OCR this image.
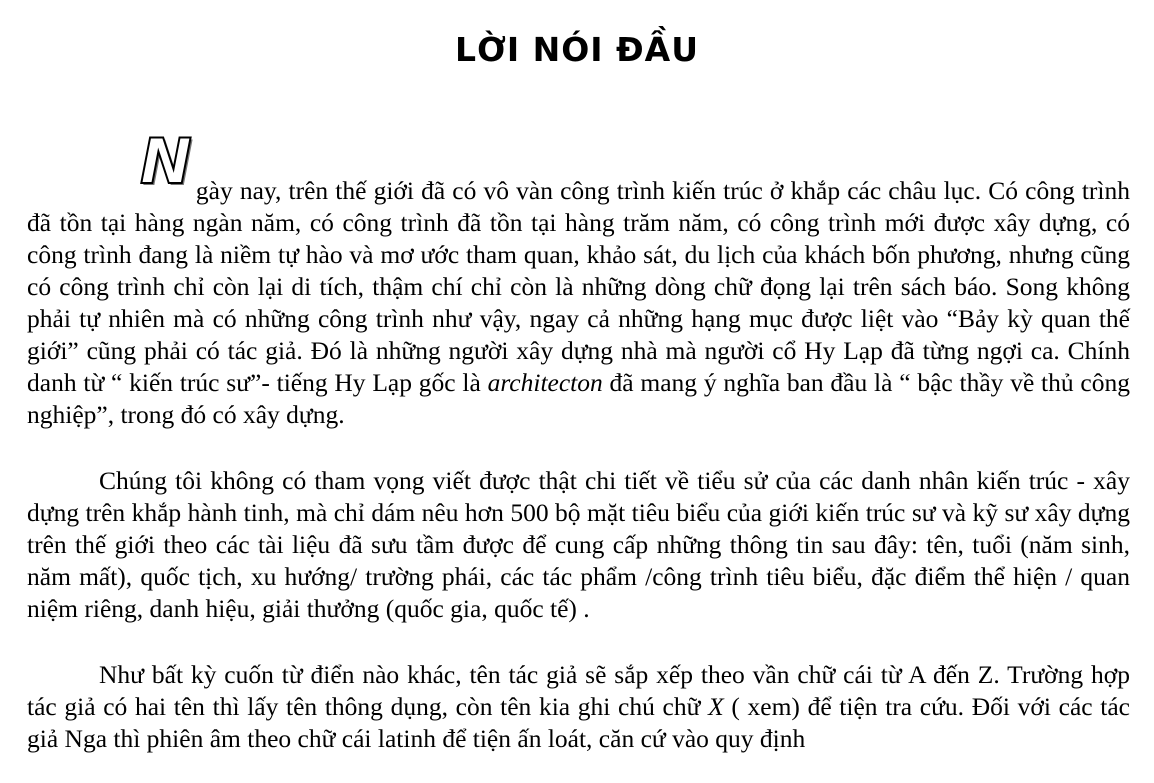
LỜI NÓI ĐẦU

Ngày nay, trên thế giới đã có vô vàn công trình kiến trúc ở khắp các châu lục. Có công trình đã tồn tại hàng ngàn năm, có công trình đã tồn tại hàng trăm năm, có công trình mới được xây dựng, có công trình đang là niềm tự hào và mơ ước tham quan, khảo sát, du lịch của khách bốn phương, nhưng cũng có công trình chỉ còn lại di tích, thậm chí chỉ còn là những dòng chữ đọng lại trên sách báo. Song không phải tự nhiên mà có những công trình như vậy, ngay cả những hạng mục được liệt vào “Bảy kỳ quan thế giới” cũng phải có tác giả. Đó là những người xây dựng nhà mà người cổ Hy Lạp đã từng ngợi ca. Chính danh từ “ kiến trúc sư”- tiếng Hy Lạp gốc là architecton đã mang ý nghĩa ban đầu là “ bậc thầy về thủ công nghiệp”, trong đó có xây dựng.

Chúng tôi không có tham vọng viết được thật chi tiết về tiểu sử của các danh nhân kiến trúc - xây dựng trên khắp hành tinh, mà chỉ dám nêu hơn 500 bộ mặt tiêu biểu của giới kiến trúc sư và kỹ sư xây dựng trên thế giới theo các tài liệu đã sưu tầm được để cung cấp những thông tin sau đây: tên, tuổi (năm sinh, năm mất), quốc tịch, xu hướng/ trường phái, các tác phẩm /công trình tiêu biểu, đặc điểm thể hiện / quan niệm riêng, danh hiệu, giải thưởng (quốc gia, quốc tế) .

Như bất kỳ cuốn từ điển nào khác, tên tác giả sẽ sắp xếp theo vần chữ cái từ A đến Z. Trường hợp tác giả có hai tên thì lấy tên thông dụng, còn tên kia ghi chú chữ X ( xem) để tiện tra cứu. Đối với các tác giả Nga thì phiên âm theo chữ cái latinh để tiện ấn loát, căn cứ vào quy định
